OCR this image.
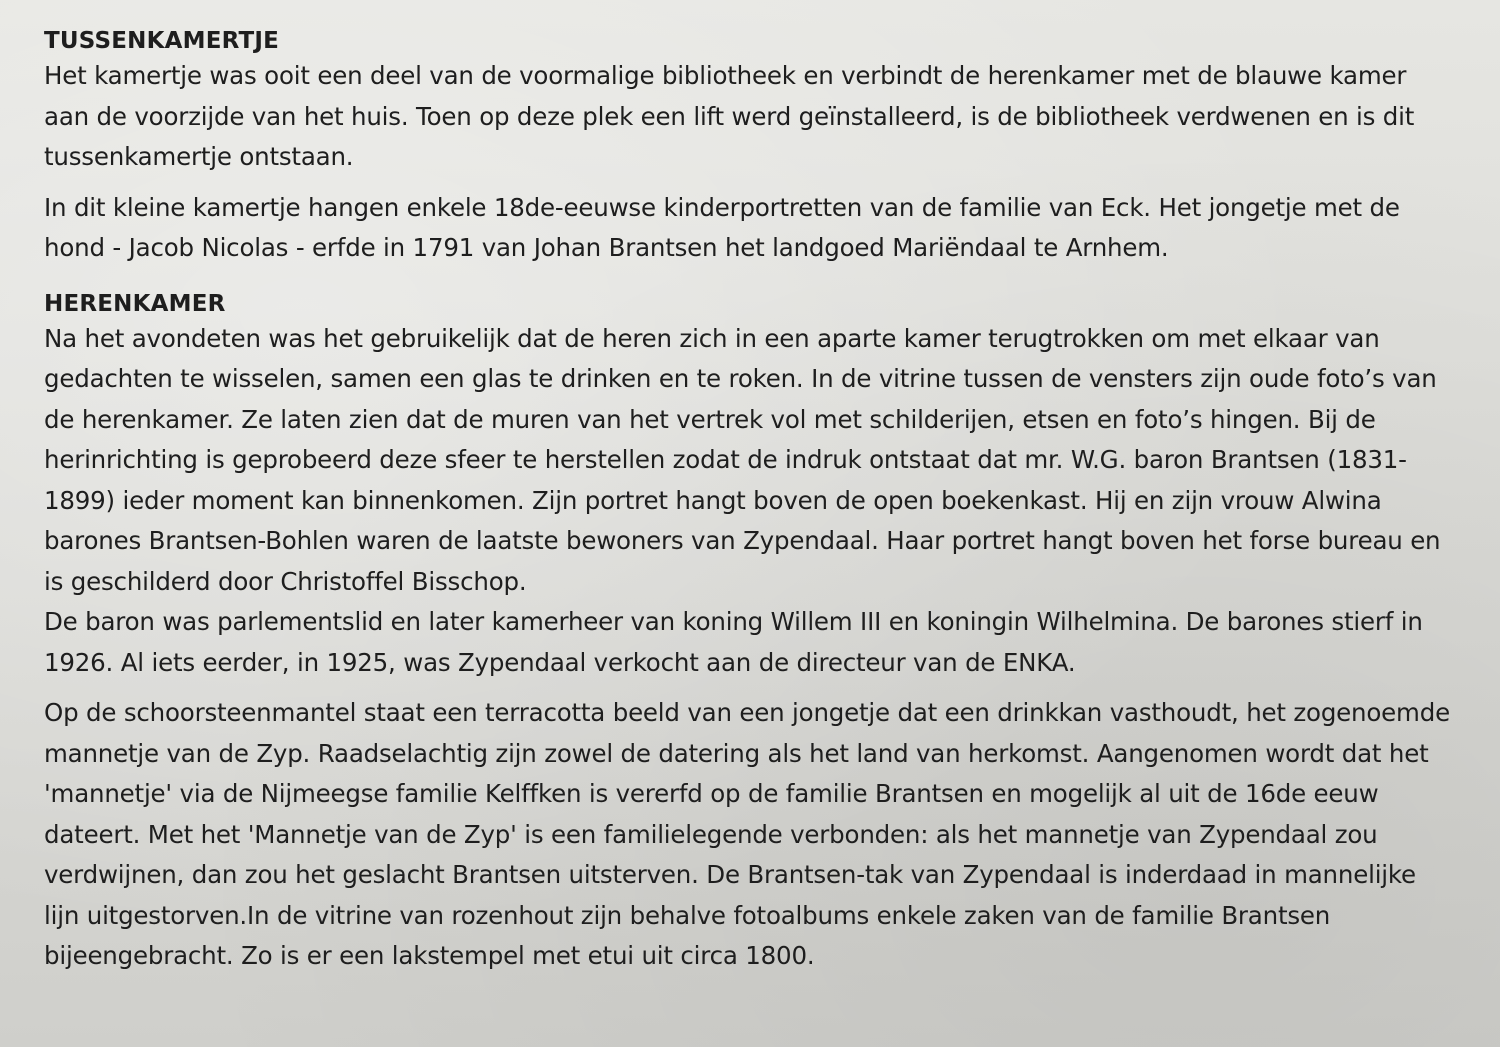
TUSSENKAMERTJE

Het kamertje was ooit een deel van de voormalige bibliotheek en verbindt de herenkamer met de blauwe kamer aan de voorzijde van het huis. Toen op deze plek een lift werd geïnstalleerd, is de bibliotheek verdwenen en is dit tussenkamertje ontstaan.

In dit kleine kamertje hangen enkele 18de-eeuwse kinderportretten van de familie van Eck. Het jongetje met de hond - Jacob Nicolas - erfde in 1791 van Johan Brantsen het landgoed Mariëndaal te Arnhem.

HERENKAMER

Na het avondeten was het gebruikelijk dat de heren zich in een aparte kamer terugtrokken om met elkaar van gedachten te wisselen, samen een glas te drinken en te roken. In de vitrine tussen de vensters zijn oude foto’s van de herenkamer. Ze laten zien dat de muren van het vertrek vol met schilderijen, etsen en foto’s hingen. Bij de herinrichting is geprobeerd deze sfeer te herstellen zodat de indruk ontstaat dat mr. W.G. baron Brantsen (1831-1899) ieder moment kan binnenkomen. Zijn portret hangt boven de open boekenkast. Hij en zijn vrouw Alwina barones Brantsen-Bohlen waren de laatste bewoners van Zypendaal. Haar portret hangt boven het forse bureau en is geschilderd door Christoffel Bisschop.

De baron was parlementslid en later kamerheer van koning Willem III en koningin Wilhelmina. De barones stierf in 1926. Al iets eerder, in 1925, was Zypendaal verkocht aan de directeur van de ENKA.

Op de schoorsteenmantel staat een terracotta beeld van een jongetje dat een drinkkan vasthoudt, het zogenoemde mannetje van de Zyp. Raadselachtig zijn zowel de datering als het land van herkomst. Aangenomen wordt dat het 'mannetje' via de Nijmeegse familie Kelffken is vererfd op de familie Brantsen en mogelijk al uit de 16de eeuw dateert. Met het 'Mannetje van de Zyp' is een familielegende verbonden: als het mannetje van Zypendaal zou verdwijnen, dan zou het geslacht Brantsen uitsterven. De Brantsen-tak van Zypendaal is inderdaad in mannelijke lijn uitgestorven.In de vitrine van rozenhout zijn behalve fotoalbums enkele zaken van de familie Brantsen bijeengebracht. Zo is er een lakstempel met etui uit circa 1800.
